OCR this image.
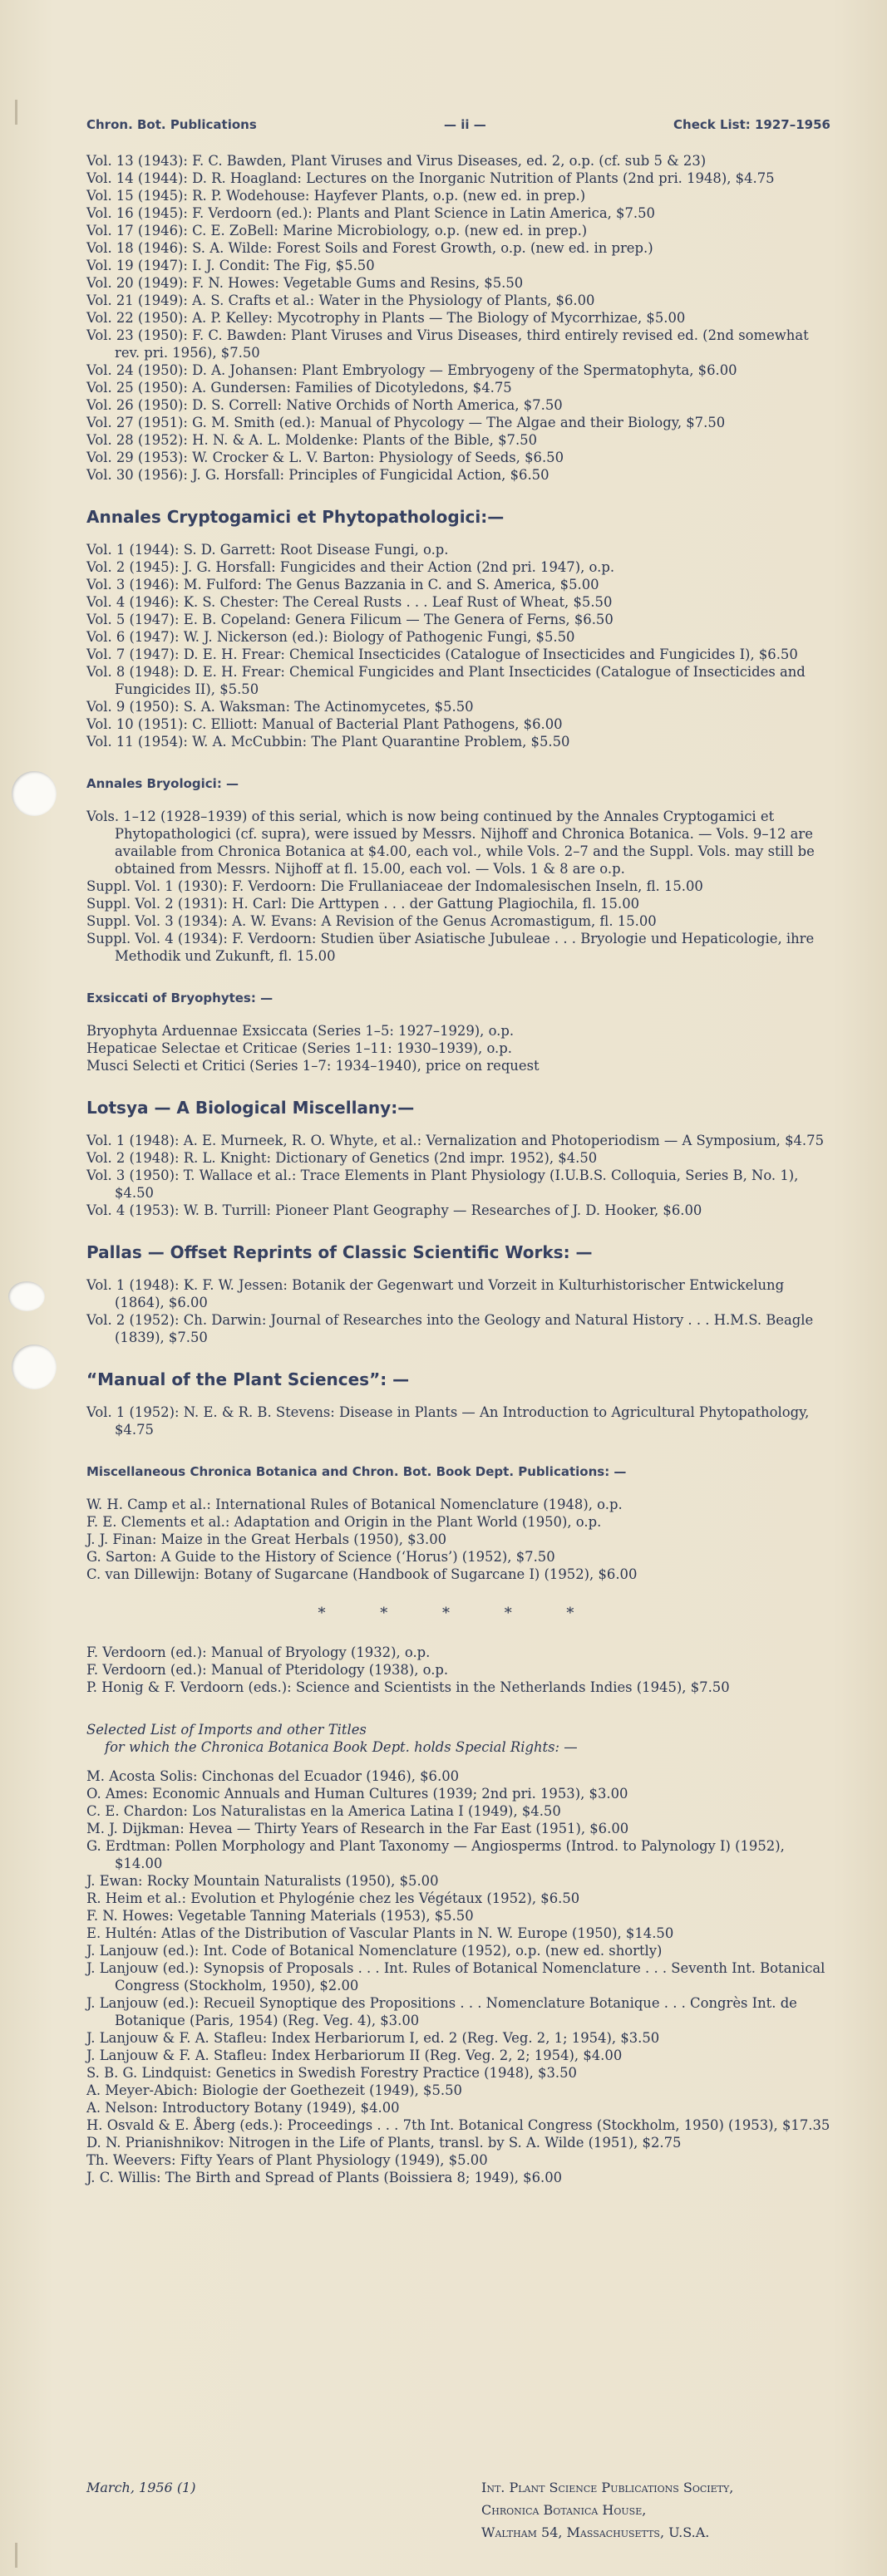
Chron. Bot. Publications	— ii —	Check List: 1927–1956

Vol. 13 (1943): F. C. Bawden, Plant Viruses and Virus Diseases, ed. 2, o.p. (cf. sub 5 & 23)

Vol. 14 (1944): D. R. Hoagland: Lectures on the Inorganic Nutrition of Plants (2nd pri. 1948), $4.75

Vol. 15 (1945): R. P. Wodehouse: Hayfever Plants, o.p. (new ed. in prep.)

Vol. 16 (1945): F. Verdoorn (ed.): Plants and Plant Science in Latin America, $7.50

Vol. 17 (1946): C. E. ZoBell: Marine Microbiology, o.p. (new ed. in prep.)

Vol. 18 (1946): S. A. Wilde: Forest Soils and Forest Growth, o.p. (new ed. in prep.)

Vol. 19 (1947): I. J. Condit: The Fig, $5.50

Vol. 20 (1949): F. N. Howes: Vegetable Gums and Resins, $5.50

Vol. 21 (1949): A. S. Crafts et al.: Water in the Physiology of Plants, $6.00

Vol. 22 (1950): A. P. Kelley: Mycotrophy in Plants — The Biology of Mycorrhizae, $5.00

Vol. 23 (1950): F. C. Bawden: Plant Viruses and Virus Diseases, third entirely revised ed. (2nd somewhat rev. pri. 1956), $7.50

Vol. 24 (1950): D. A. Johansen: Plant Embryology — Embryogeny of the Spermatophyta, $6.00

Vol. 25 (1950): A. Gundersen: Families of Dicotyledons, $4.75

Vol. 26 (1950): D. S. Correll: Native Orchids of North America, $7.50

Vol. 27 (1951): G. M. Smith (ed.): Manual of Phycology — The Algae and their Biology, $7.50

Vol. 28 (1952): H. N. & A. L. Moldenke: Plants of the Bible, $7.50

Vol. 29 (1953): W. Crocker & L. V. Barton: Physiology of Seeds, $6.50

Vol. 30 (1956): J. G. Horsfall: Principles of Fungicidal Action, $6.50

Annales Cryptogamici et Phytopathologici:—

Vol. 1 (1944): S. D. Garrett: Root Disease Fungi, o.p.

Vol. 2 (1945): J. G. Horsfall: Fungicides and their Action (2nd pri. 1947), o.p.

Vol. 3 (1946): M. Fulford: The Genus Bazzania in C. and S. America, $5.00

Vol. 4 (1946): K. S. Chester: The Cereal Rusts . . . Leaf Rust of Wheat, $5.50

Vol. 5 (1947): E. B. Copeland: Genera Filicum — The Genera of Ferns, $6.50

Vol. 6 (1947): W. J. Nickerson (ed.): Biology of Pathogenic Fungi, $5.50

Vol. 7 (1947): D. E. H. Frear: Chemical Insecticides (Catalogue of Insecticides and Fungicides I), $6.50

Vol. 8 (1948): D. E. H. Frear: Chemical Fungicides and Plant Insecticides (Catalogue of Insecticides and Fungicides II), $5.50

Vol. 9 (1950): S. A. Waksman: The Actinomycetes, $5.50

Vol. 10 (1951): C. Elliott: Manual of Bacterial Plant Pathogens, $6.00

Vol. 11 (1954): W. A. McCubbin: The Plant Quarantine Problem, $5.50

Annales Bryologici: —

Vols. 1–12 (1928–1939) of this serial, which is now being continued by the Annales Cryptogamici et Phytopathologici (cf. supra), were issued by Messrs. Nijhoff and Chronica Botanica. — Vols. 9–12 are available from Chronica Botanica at $4.00, each vol., while Vols. 2–7 and the Suppl. Vols. may still be obtained from Messrs. Nijhoff at fl. 15.00, each vol. — Vols. 1 & 8 are o.p.

Suppl. Vol. 1 (1930): F. Verdoorn: Die Frullaniaceae der Indomalesischen Inseln, fl. 15.00

Suppl. Vol. 2 (1931): H. Carl: Die Arttypen . . . der Gattung Plagiochila, fl. 15.00

Suppl. Vol. 3 (1934): A. W. Evans: A Revision of the Genus Acromastigum, fl. 15.00

Suppl. Vol. 4 (1934): F. Verdoorn: Studien über Asiatische Jubuleae . . . Bryologie und Hepaticologie, ihre Methodik und Zukunft, fl. 15.00

Exsiccati of Bryophytes: —

Bryophyta Arduennae Exsiccata (Series 1–5: 1927–1929), o.p.

Hepaticae Selectae et Criticae (Series 1–11: 1930–1939), o.p.

Musci Selecti et Critici (Series 1–7: 1934–1940), price on request

Lotsya — A Biological Miscellany:—

Vol. 1 (1948): A. E. Murneek, R. O. Whyte, et al.: Vernalization and Photoperiodism — A Symposium, $4.75

Vol. 2 (1948): R. L. Knight: Dictionary of Genetics (2nd impr. 1952), $4.50

Vol. 3 (1950): T. Wallace et al.: Trace Elements in Plant Physiology (I.U.B.S. Colloquia, Series B, No. 1), $4.50

Vol. 4 (1953): W. B. Turrill: Pioneer Plant Geography — Researches of J. D. Hooker, $6.00

Pallas — Offset Reprints of Classic Scientific Works: —

Vol. 1 (1948): K. F. W. Jessen: Botanik der Gegenwart und Vorzeit in Kulturhistorischer Entwickelung (1864), $6.00

Vol. 2 (1952): Ch. Darwin: Journal of Researches into the Geology and Natural History . . . H.M.S. Beagle (1839), $7.50

“Manual of the Plant Sciences”: —

Vol. 1 (1952): N. E. & R. B. Stevens: Disease in Plants — An Introduction to Agricultural Phytopathology, $4.75

Miscellaneous Chronica Botanica and Chron. Bot. Book Dept. Publications: —

W. H. Camp et al.: International Rules of Botanical Nomenclature (1948), o.p.

F. E. Clements et al.: Adaptation and Origin in the Plant World (1950), o.p.

J. J. Finan: Maize in the Great Herbals (1950), $3.00

G. Sarton: A Guide to the History of Science (‘Horus’) (1952), $7.50

C. van Dillewijn: Botany of Sugarcane (Handbook of Sugarcane I) (1952), $6.00

* * * * *

F. Verdoorn (ed.): Manual of Bryology (1932), o.p.

F. Verdoorn (ed.): Manual of Pteridology (1938), o.p.

P. Honig & F. Verdoorn (eds.): Science and Scientists in the Netherlands Indies (1945), $7.50

Selected List of Imports and other Titles
for which the Chronica Botanica Book Dept. holds Special Rights: —

M. Acosta Solis: Cinchonas del Ecuador (1946), $6.00

O. Ames: Economic Annuals and Human Cultures (1939; 2nd pri. 1953), $3.00

C. E. Chardon: Los Naturalistas en la America Latina I (1949), $4.50

M. J. Dijkman: Hevea — Thirty Years of Research in the Far East (1951), $6.00

G. Erdtman: Pollen Morphology and Plant Taxonomy — Angiosperms (Introd. to Palynology I) (1952), $14.00

J. Ewan: Rocky Mountain Naturalists (1950), $5.00

R. Heim et al.: Evolution et Phylogénie chez les Végétaux (1952), $6.50

F. N. Howes: Vegetable Tanning Materials (1953), $5.50

E. Hultén: Atlas of the Distribution of Vascular Plants in N. W. Europe (1950), $14.50

J. Lanjouw (ed.): Int. Code of Botanical Nomenclature (1952), o.p. (new ed. shortly)

J. Lanjouw (ed.): Synopsis of Proposals . . . Int. Rules of Botanical Nomenclature . . . Seventh Int. Botanical Congress (Stockholm, 1950), $2.00

J. Lanjouw (ed.): Recueil Synoptique des Propositions . . . Nomenclature Botanique . . . Congrès Int. de Botanique (Paris, 1954) (Reg. Veg. 4), $3.00

J. Lanjouw & F. A. Stafleu: Index Herbariorum I, ed. 2 (Reg. Veg. 2, 1; 1954), $3.50

J. Lanjouw & F. A. Stafleu: Index Herbariorum II (Reg. Veg. 2, 2; 1954), $4.00

S. B. G. Lindquist: Genetics in Swedish Forestry Practice (1948), $3.50

A. Meyer-Abich: Biologie der Goethezeit (1949), $5.50

A. Nelson: Introductory Botany (1949), $4.00

H. Osvald & E. Åberg (eds.): Proceedings . . . 7th Int. Botanical Congress (Stockholm, 1950) (1953), $17.35

D. N. Prianishnikov: Nitrogen in the Life of Plants, transl. by S. A. Wilde (1951), $2.75

Th. Weevers: Fifty Years of Plant Physiology (1949), $5.00

J. C. Willis: The Birth and Spread of Plants (Boissiera 8; 1949), $6.00

March, 1956 (1)	Int. Plant Science Publications Society,
Chronica Botanica House,
Waltham 54, Massachusetts, U.S.A.
